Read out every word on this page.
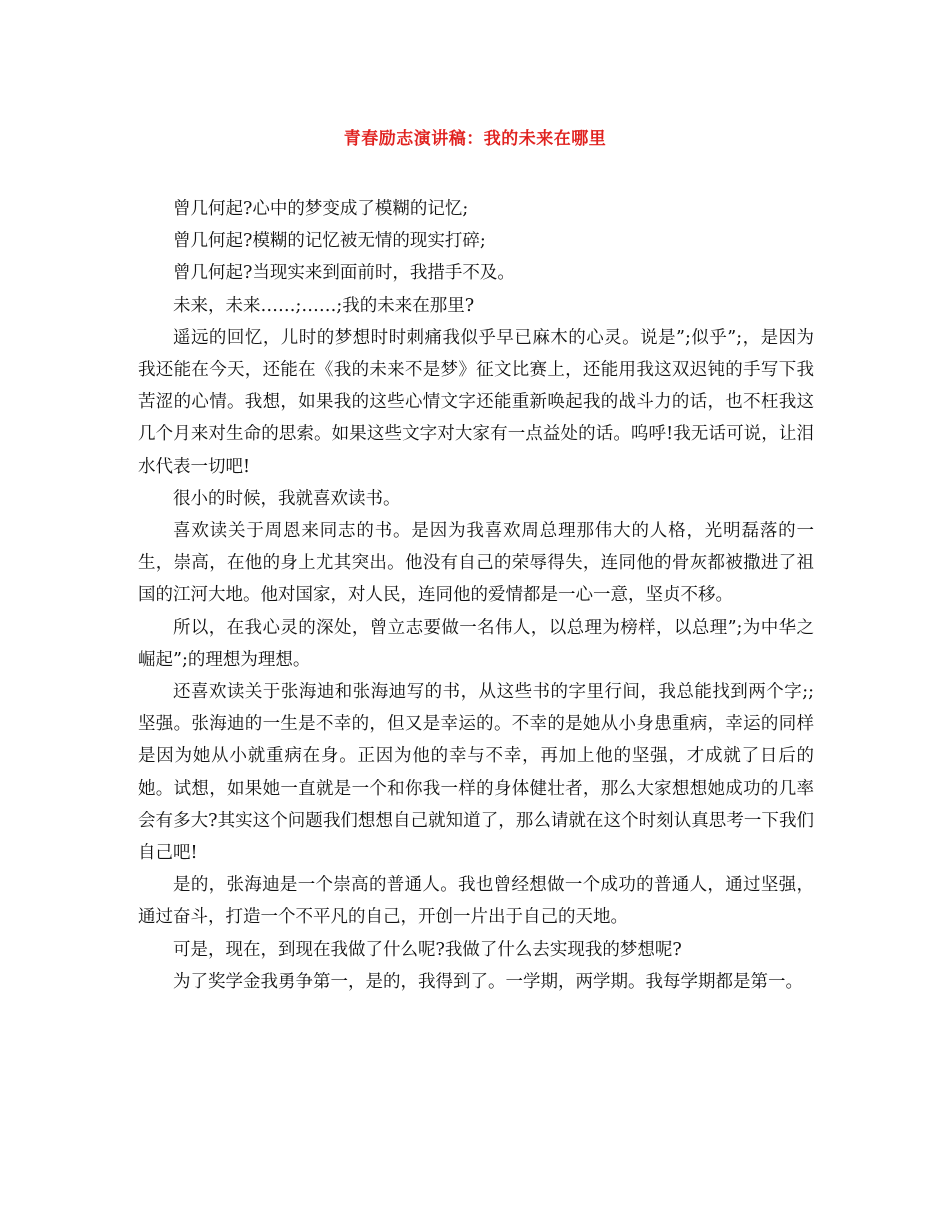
青春励志演讲稿：我的未来在哪里

曾几何起?心中的梦变成了模糊的记忆;

曾几何起?模糊的记忆被无情的现实打碎;

曾几何起?当现实来到面前时，我措手不及。

未来，未来……;……;我的未来在那里?

遥远的回忆，儿时的梦想时时刺痛我似乎早已麻木的心灵。说是”;似乎”;，是因为我还能在今天，还能在《我的未来不是梦》征文比赛上，还能用我这双迟钝的手写下我苦涩的心情。我想，如果我的这些心情文字还能重新唤起我的战斗力的话，也不枉我这几个月来对生命的思索。如果这些文字对大家有一点益处的话。呜呼!我无话可说，让泪水代表一切吧!

很小的时候，我就喜欢读书。

喜欢读关于周恩来同志的书。是因为我喜欢周总理那伟大的人格，光明磊落的一生，崇高，在他的身上尤其突出。他没有自己的荣辱得失，连同他的骨灰都被撒进了祖国的江河大地。他对国家，对人民，连同他的爱情都是一心一意，坚贞不移。

所以，在我心灵的深处，曾立志要做一名伟人，以总理为榜样，以总理”;为中华之崛起”;的理想为理想。

还喜欢读关于张海迪和张海迪写的书，从这些书的字里行间，我总能找到两个字;;坚强。张海迪的一生是不幸的，但又是幸运的。不幸的是她从小身患重病，幸运的同样是因为她从小就重病在身。正因为他的幸与不幸，再加上他的坚强，才成就了日后的她。试想，如果她一直就是一个和你我一样的身体健壮者，那么大家想想她成功的几率会有多大?其实这个问题我们想想自己就知道了，那么请就在这个时刻认真思考一下我们自己吧!

是的，张海迪是一个崇高的普通人。我也曾经想做一个成功的普通人，通过坚强，通过奋斗，打造一个不平凡的自己，开创一片出于自己的天地。

可是，现在，到现在我做了什么呢?我做了什么去实现我的梦想呢?

为了奖学金我勇争第一，是的，我得到了。一学期，两学期。我每学期都是第一。
